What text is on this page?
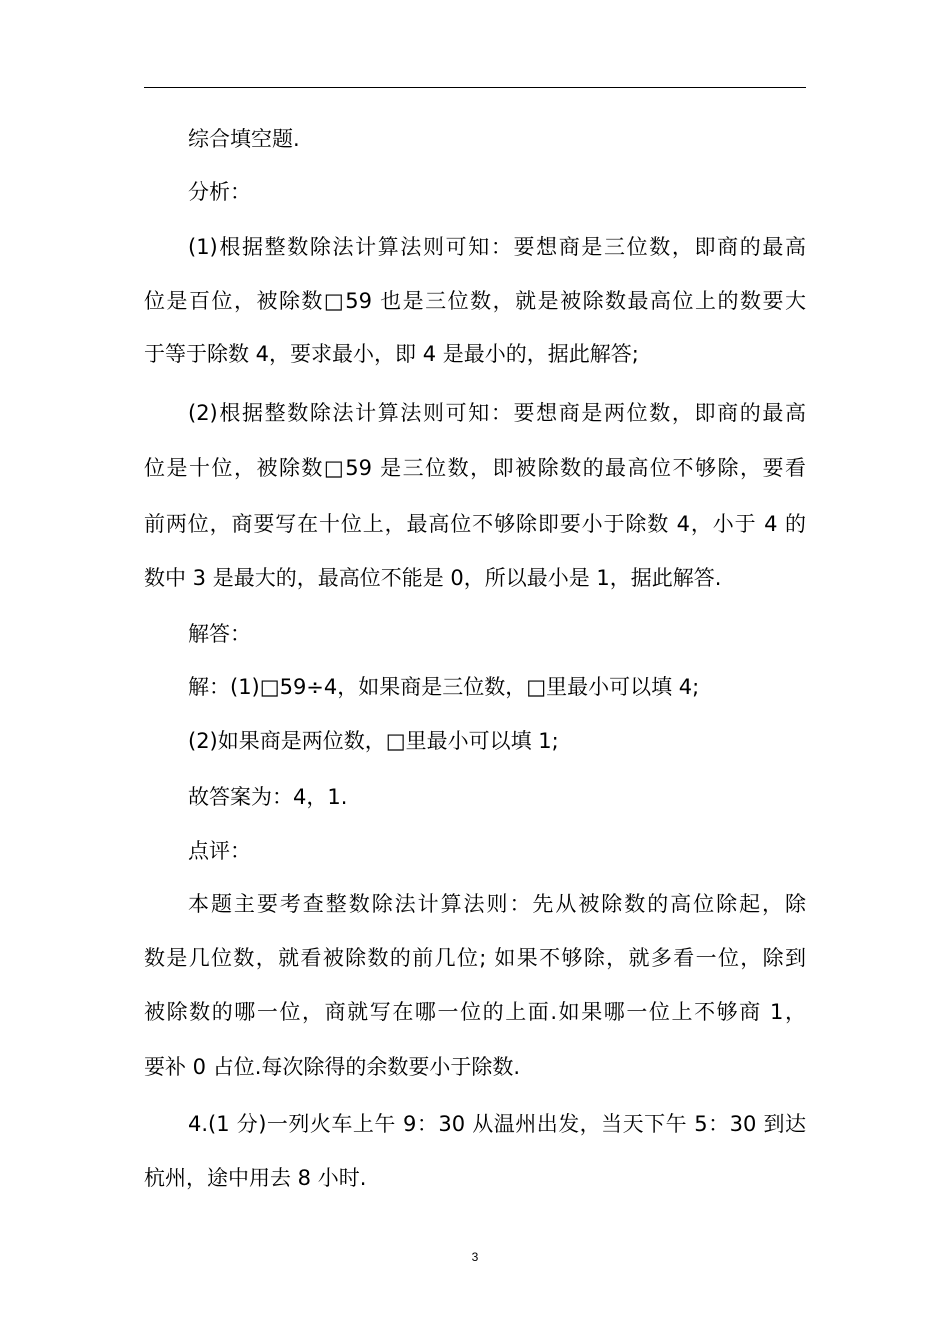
综合填空题.
分析：
(1)根据整数除法计算法则可知：要想商是三位数，即商的最高
位是百位，被除数□59 也是三位数，就是被除数最高位上的数要大
于等于除数 4，要求最小，即 4 是最小的，据此解答;
(2)根据整数除法计算法则可知：要想商是两位数，即商的最高
位是十位，被除数□59 是三位数，即被除数的最高位不够除，要看
前两位，商要写在十位上，最高位不够除即要小于除数 4，小于 4 的
数中 3 是最大的，最高位不能是 0，所以最小是 1，据此解答.
解答：
解：(1)□59÷4，如果商是三位数，□里最小可以填 4;
(2)如果商是两位数，□里最小可以填 1;
故答案为：4，1.
点评：
本题主要考查整数除法计算法则：先从被除数的高位除起，除
数是几位数，就看被除数的前几位; 如果不够除，就多看一位，除到
被除数的哪一位，商就写在哪一位的上面.如果哪一位上不够商 1，
要补 0 占位.每次除得的余数要小于除数.
4.(1 分)一列火车上午 9：30 从温州出发，当天下午 5：30 到达
杭州，途中用去 8 小时.
3
